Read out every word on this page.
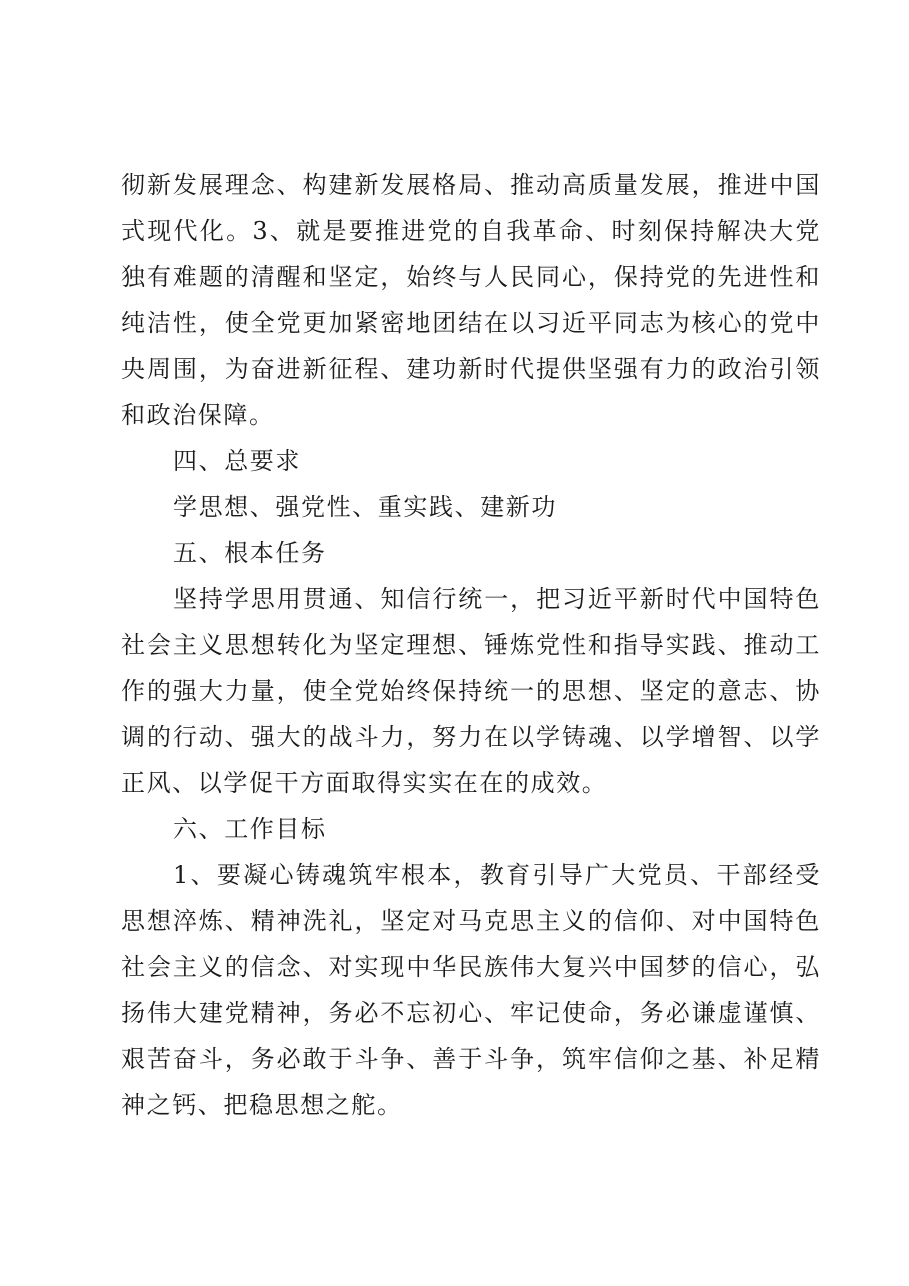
彻新发展理念、构建新发展格局、推动高质量发展，推进中国式现代化。3、就是要推进党的自我革命、时刻保持解决大党独有难题的清醒和坚定，始终与人民同心，保持党的先进性和纯洁性，使全党更加紧密地团结在以习近平同志为核心的党中央周围，为奋进新征程、建功新时代提供坚强有力的政治引领和政治保障。

四、总要求

学思想、强党性、重实践、建新功

五、根本任务

坚持学思用贯通、知信行统一，把习近平新时代中国特色社会主义思想转化为坚定理想、锤炼党性和指导实践、推动工作的强大力量，使全党始终保持统一的思想、坚定的意志、协调的行动、强大的战斗力，努力在以学铸魂、以学增智、以学正风、以学促干方面取得实实在在的成效。

六、工作目标

1、要凝心铸魂筑牢根本，教育引导广大党员、干部经受思想淬炼、精神洗礼，坚定对马克思主义的信仰、对中国特色社会主义的信念、对实现中华民族伟大复兴中国梦的信心，弘扬伟大建党精神，务必不忘初心、牢记使命，务必谦虚谨慎、艰苦奋斗，务必敢于斗争、善于斗争，筑牢信仰之基、补足精神之钙、把稳思想之舵。
